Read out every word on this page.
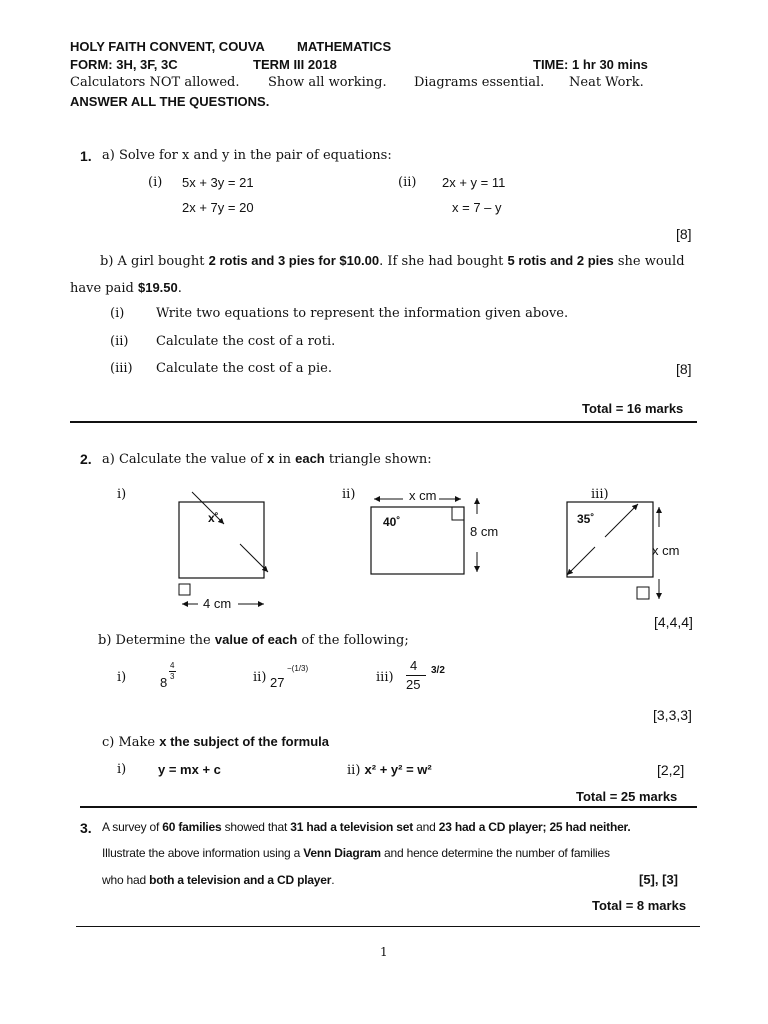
HOLY FAITH CONVENT, COUVA MATHEMATICS
FORM: 3H, 3F, 3C	TERM III 2018	TIME: 1 hr 30 mins
Calculators NOT allowed. Show all working. Diagrams essential. Neat Work.
ANSWER ALL THE QUESTIONS.
1. a) Solve for x and y in the pair of equations:
(i) 5x + 3y = 21
2x + 7y = 20
(ii) 2x + y = 11
x = 7 – y
[8]
b) A girl bought 2 rotis and 3 pies for $10.00. If she had bought 5 rotis and 2 pies she would
have paid $19.50.
(i) Write two equations to represent the information given above.
(ii) Calculate the cost of a roti.
(iii) Calculate the cost of a pie.	[8]
Total = 16 marks
2. a) Calculate the value of x in each triangle shown:
i)	ii)	iii)
x˚
4 cm
x cm
40˚
8 cm
35˚
x cm
[4,4,4]
b) Determine the value of each of the following;
i)	8
4
3	ii) 27
−(1/3)
iii)
4
25
3/2
[3,3,3]
c) Make x the subject of the formula
i) y = mx + c	ii) x² + y² = w²	[2,2]
Total = 25 marks
3. A survey of 60 families showed that 31 had a television set and 23 had a CD player; 25 had neither.
Illustrate the above information using a Venn Diagram and hence determine the number of families
who had both a television and a CD player.	[5], [3]
Total = 8 marks
1
